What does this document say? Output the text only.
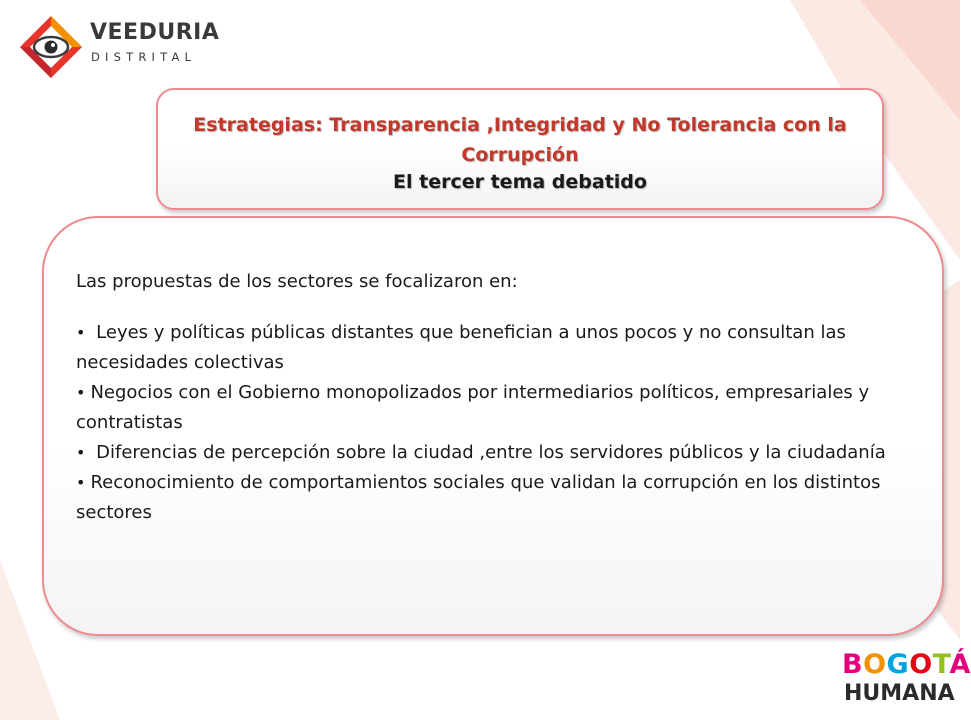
VEEDURIA
DISTRITAL
Estrategias: Transparencia ,Integridad y No Tolerancia con la Corrupción
El tercer tema debatido

Las propuestas de los sectores se focalizaron en:

• Leyes y políticas públicas distantes que benefician a unos pocos y no consultan las necesidades colectivas
• Negocios con el Gobierno monopolizados por intermediarios políticos, empresariales y contratistas
• Diferencias de percepción sobre la ciudad ,entre los servidores públicos y la ciudadanía
• Reconocimiento de comportamientos sociales que validan la corrupción en los distintos sectores
BOGOTÁ
HUMANA
